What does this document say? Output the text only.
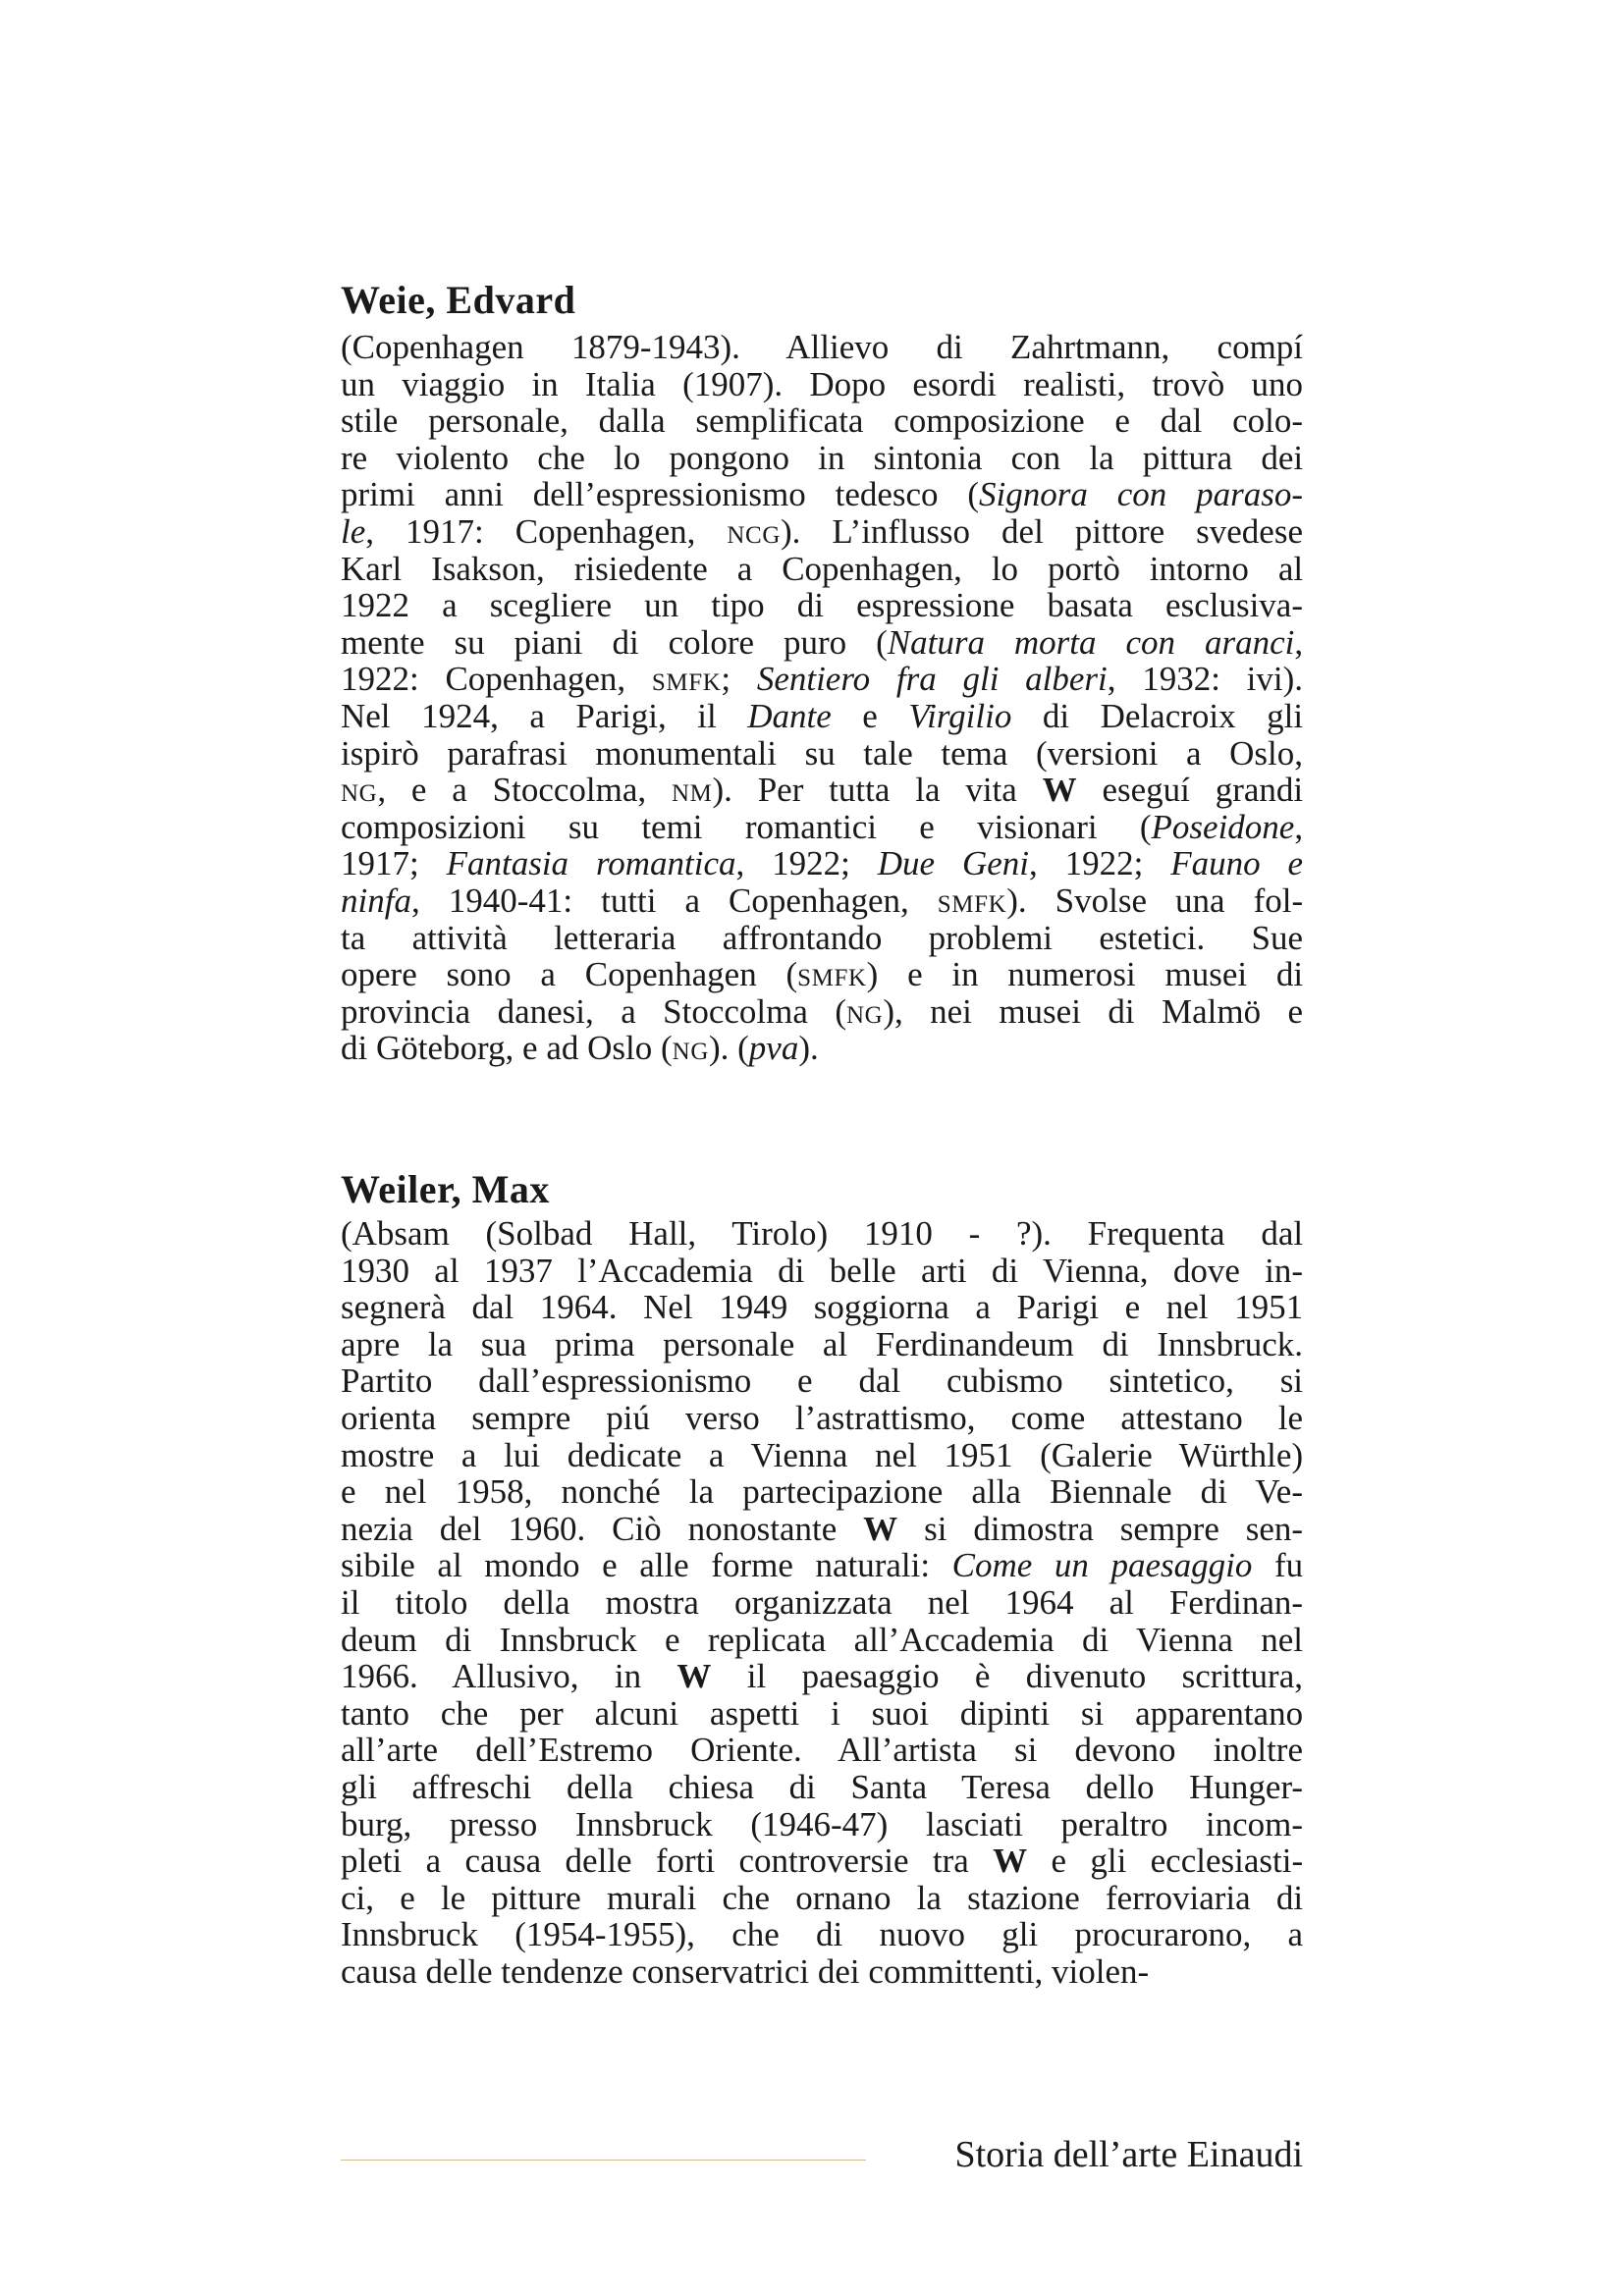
Weie, Edvard
(Copenhagen 1879-1943). Allievo di Zahrtmann, compí
un viaggio in Italia (1907). Dopo esordi realisti, trovò uno
stile personale, dalla semplificata composizione e dal colo-
re violento che lo pongono in sintonia con la pittura dei
primi anni dell’espressionismo tedesco (Signora con paraso-
le, 1917: Copenhagen, NCG). L’influsso del pittore svedese
Karl Isakson, risiedente a Copenhagen, lo portò intorno al
1922 a scegliere un tipo di espressione basata esclusiva-
mente su piani di colore puro (Natura morta con aranci,
1922: Copenhagen, SMFK; Sentiero fra gli alberi, 1932: ivi).
Nel 1924, a Parigi, il Dante e Virgilio di Delacroix gli
ispirò parafrasi monumentali su tale tema (versioni a Oslo,
NG, e a Stoccolma, NM). Per tutta la vita W eseguí grandi
composizioni su temi romantici e visionari (Poseidone,
1917; Fantasia romantica, 1922; Due Geni, 1922; Fauno e
ninfa, 1940-41: tutti a Copenhagen, SMFK). Svolse una fol-
ta attività letteraria affrontando problemi estetici. Sue
opere sono a Copenhagen (SMFK) e in numerosi musei di
provincia danesi, a Stoccolma (NG), nei musei di Malmö e
di Göteborg, e ad Oslo (NG). (pva).
Weiler, Max
(Absam (Solbad Hall, Tirolo) 1910 - ?). Frequenta dal
1930 al 1937 l’Accademia di belle arti di Vienna, dove in-
segnerà dal 1964. Nel 1949 soggiorna a Parigi e nel 1951
apre la sua prima personale al Ferdinandeum di Innsbruck.
Partito dall’espressionismo e dal cubismo sintetico, si
orienta sempre piú verso l’astrattismo, come attestano le
mostre a lui dedicate a Vienna nel 1951 (Galerie Würthle)
e nel 1958, nonché la partecipazione alla Biennale di Ve-
nezia del 1960. Ciò nonostante W si dimostra sempre sen-
sibile al mondo e alle forme naturali: Come un paesaggio fu
il titolo della mostra organizzata nel 1964 al Ferdinan-
deum di Innsbruck e replicata all’Accademia di Vienna nel
1966. Allusivo, in W il paesaggio è divenuto scrittura,
tanto che per alcuni aspetti i suoi dipinti si apparentano
all’arte dell’Estremo Oriente. All’artista si devono inoltre
gli affreschi della chiesa di Santa Teresa dello Hunger-
burg, presso Innsbruck (1946-47) lasciati peraltro incom-
pleti a causa delle forti controversie tra W e gli ecclesiasti-
ci, e le pitture murali che ornano la stazione ferroviaria di
Innsbruck (1954-1955), che di nuovo gli procurarono, a
causa delle tendenze conservatrici dei committenti, violen-
Storia dell’arte Einaudi
